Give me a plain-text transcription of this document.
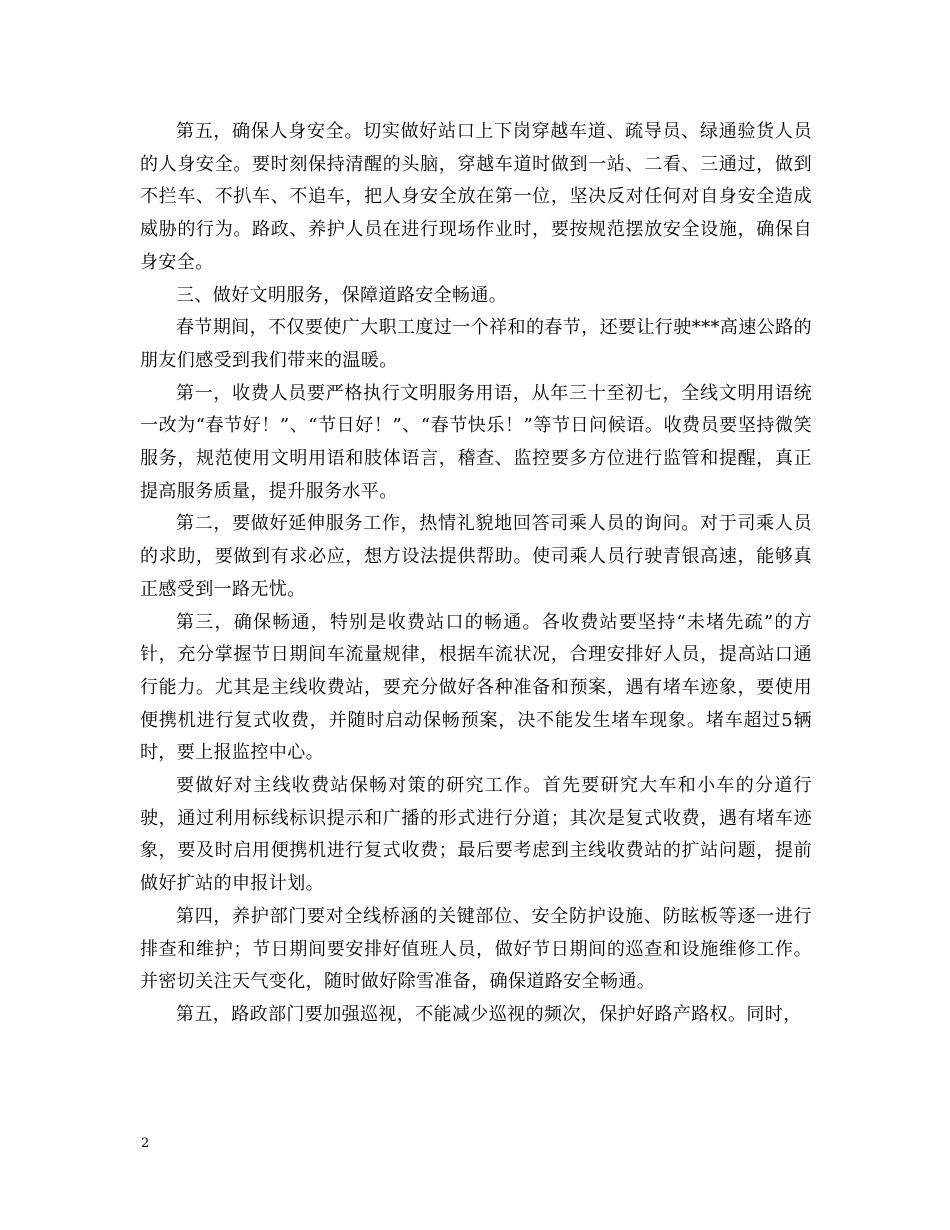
第五，确保人身安全。切实做好站口上下岗穿越车道、疏导员、绿通验货人员的人身安全。要时刻保持清醒的头脑，穿越车道时做到一站、二看、三通过，做到不拦车、不扒车、不追车，把人身安全放在第一位，坚决反对任何对自身安全造成威胁的行为。路政、养护人员在进行现场作业时，要按规范摆放安全设施，确保自身安全。

三、做好文明服务，保障道路安全畅通。

春节期间，不仅要使广大职工度过一个祥和的春节，还要让行驶***高速公路的朋友们感受到我们带来的温暖。

第一，收费人员要严格执行文明服务用语，从年三十至初七，全线文明用语统一改为“春节好！”、“节日好！”、“春节快乐！”等节日问候语。收费员要坚持微笑服务，规范使用文明用语和肢体语言，稽查、监控要多方位进行监管和提醒，真正提高服务质量，提升服务水平。

第二，要做好延伸服务工作，热情礼貌地回答司乘人员的询问。对于司乘人员的求助，要做到有求必应，想方设法提供帮助。使司乘人员行驶青银高速，能够真正感受到一路无忧。

第三，确保畅通，特别是收费站口的畅通。各收费站要坚持“未堵先疏”的方针，充分掌握节日期间车流量规律，根据车流状况，合理安排好人员，提高站口通行能力。尤其是主线收费站，要充分做好各种准备和预案，遇有堵车迹象，要使用便携机进行复式收费，并随时启动保畅预案，决不能发生堵车现象。堵车超过5辆时，要上报监控中心。

要做好对主线收费站保畅对策的研究工作。首先要研究大车和小车的分道行驶，通过利用标线标识提示和广播的形式进行分道；其次是复式收费，遇有堵车迹象，要及时启用便携机进行复式收费；最后要考虑到主线收费站的扩站问题，提前做好扩站的申报计划。

第四，养护部门要对全线桥涵的关键部位、安全防护设施、防眩板等逐一进行排查和维护；节日期间要安排好值班人员，做好节日期间的巡查和设施维修工作。并密切关注天气变化，随时做好除雪准备，确保道路安全畅通。

第五，路政部门要加强巡视，不能减少巡视的频次，保护好路产路权。同时，

2
